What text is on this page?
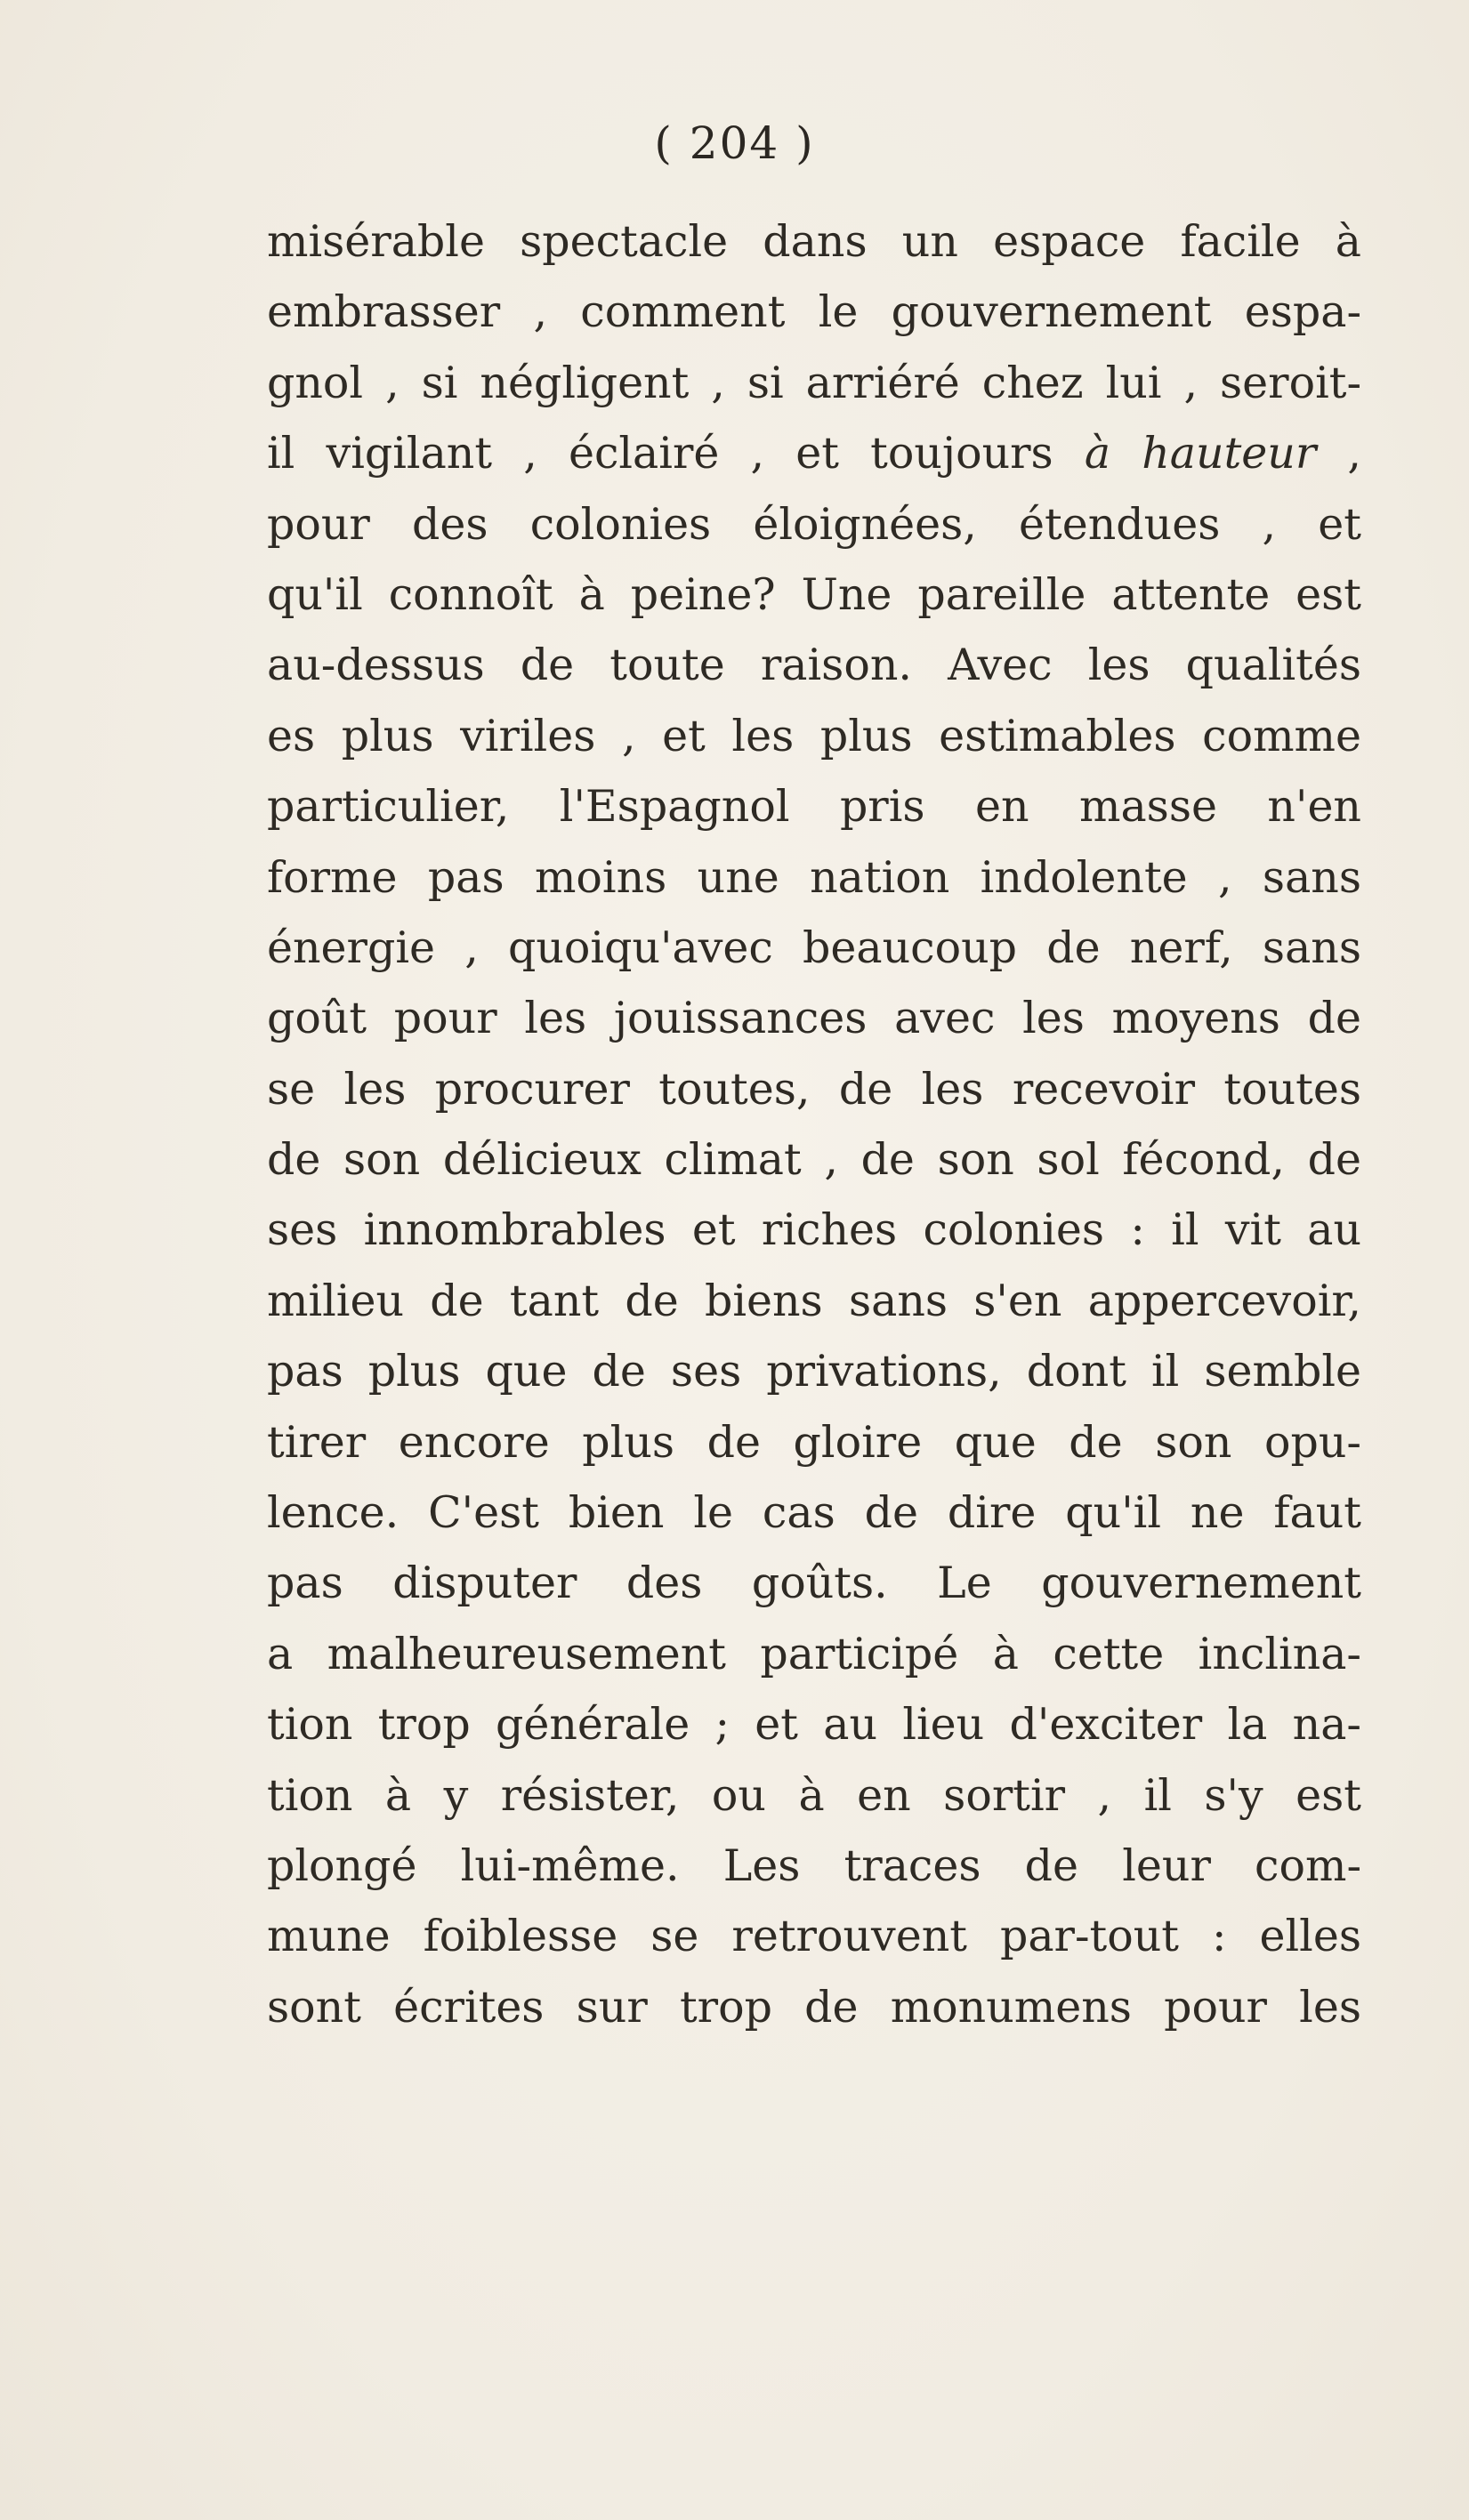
( 204 )
misérable spectacle dans un espace facile à
embrasser , comment le gouvernement espa-
gnol , si négligent , si arriéré chez lui , seroit-
il vigilant , éclairé , et toujours à hauteur ,
pour des colonies éloignées, étendues , et
qu'il connoît à peine? Une pareille attente est
au-dessus de toute raison. Avec les qualités
es plus viriles , et les plus estimables comme
particulier, l'Espagnol pris en masse n'en
forme pas moins une nation indolente , sans
énergie , quoiqu'avec beaucoup de nerf, sans
goût pour les jouissances avec les moyens de
se les procurer toutes, de les recevoir toutes
de son délicieux climat , de son sol fécond, de
ses innombrables et riches colonies : il vit au
milieu de tant de biens sans s'en appercevoir,
pas plus que de ses privations, dont il semble
tirer encore plus de gloire que de son opu-
lence. C'est bien le cas de dire qu'il ne faut
pas disputer des goûts. Le gouvernement
a malheureusement participé à cette inclina-
tion trop générale ; et au lieu d'exciter la na-
tion à y résister, ou à en sortir , il s'y est
plongé lui-même. Les traces de leur com-
mune foiblesse se retrouvent par-tout : elles
sont écrites sur trop de monumens pour les
